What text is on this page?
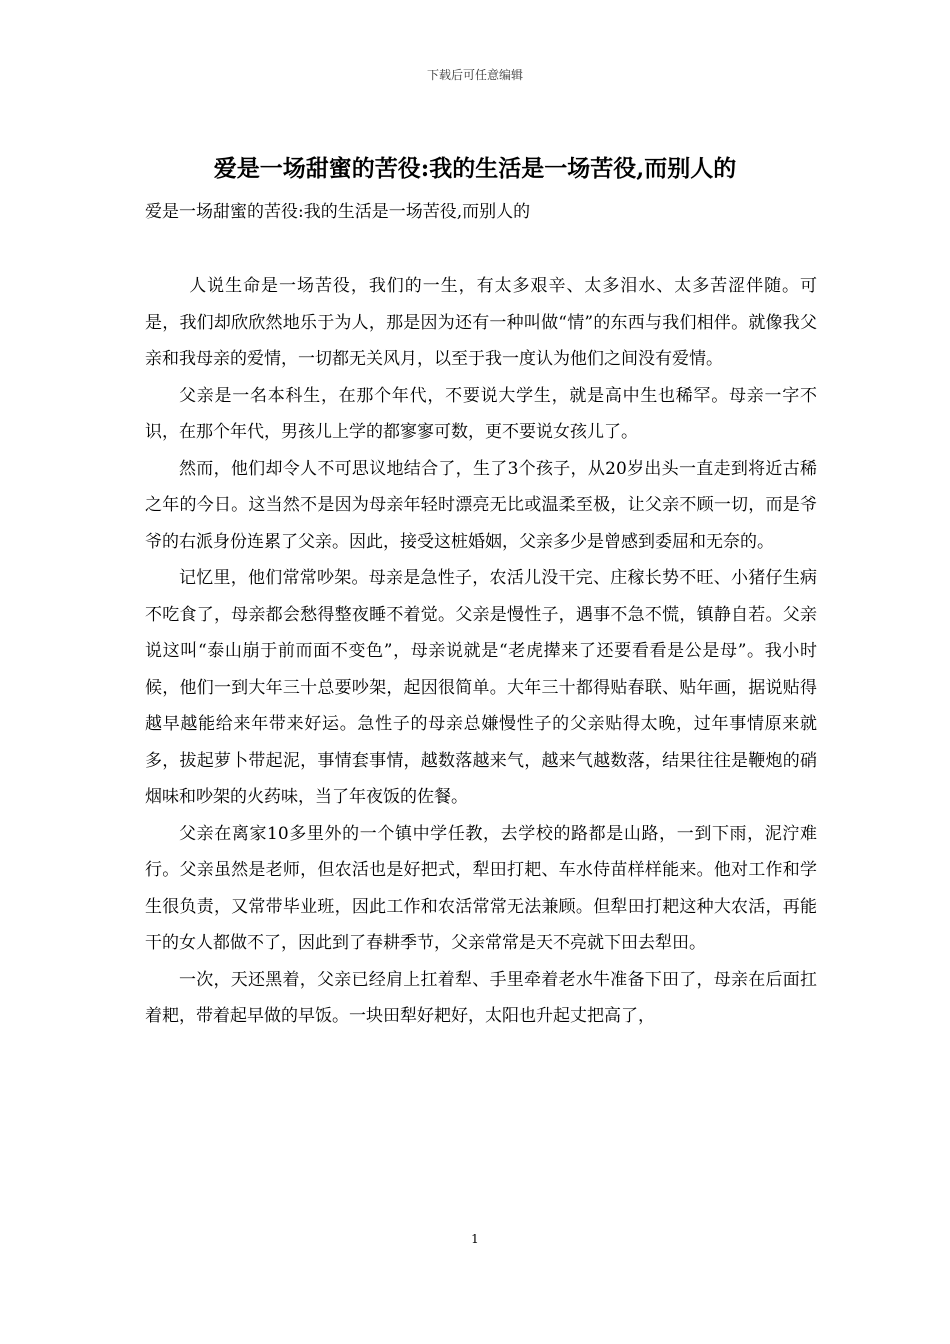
下载后可任意编辑
爱是一场甜蜜的苦役:我的生活是一场苦役,而别人的
爱是一场甜蜜的苦役:我的生活是一场苦役,而别人的

人说生命是一场苦役，我们的一生，有太多艰辛、太多泪水、太多苦涩伴随。可是，我们却欣欣然地乐于为人，那是因为还有一种叫做“情”的东西与我们相伴。就像我父亲和我母亲的爱情，一切都无关风月，以至于我一度认为他们之间没有爱情。

父亲是一名本科生，在那个年代，不要说大学生，就是高中生也稀罕。母亲一字不识，在那个年代，男孩儿上学的都寥寥可数，更不要说女孩儿了。

然而，他们却令人不可思议地结合了，生了3个孩子，从20岁出头一直走到将近古稀之年的今日。这当然不是因为母亲年轻时漂亮无比或温柔至极，让父亲不顾一切，而是爷爷的右派身份连累了父亲。因此，接受这桩婚姻，父亲多少是曾感到委屈和无奈的。

记忆里，他们常常吵架。母亲是急性子，农活儿没干完、庄稼长势不旺、小猪仔生病不吃食了，母亲都会愁得整夜睡不着觉。父亲是慢性子，遇事不急不慌，镇静自若。父亲说这叫“泰山崩于前而面不变色”，母亲说就是“老虎撵来了还要看看是公是母”。我小时候，他们一到大年三十总要吵架，起因很简单。大年三十都得贴春联、贴年画，据说贴得越早越能给来年带来好运。急性子的母亲总嫌慢性子的父亲贴得太晚，过年事情原来就多，拔起萝卜带起泥，事情套事情，越数落越来气，越来气越数落，结果往往是鞭炮的硝烟味和吵架的火药味，当了年夜饭的佐餐。

父亲在离家10多里外的一个镇中学任教，去学校的路都是山路，一到下雨，泥泞难行。父亲虽然是老师，但农活也是好把式，犁田打耙、车水侍苗样样能来。他对工作和学生很负责，又常带毕业班，因此工作和农活常常无法兼顾。但犁田打耙这种大农活，再能干的女人都做不了，因此到了春耕季节，父亲常常是天不亮就下田去犁田。

一次，天还黑着，父亲已经肩上扛着犁、手里牵着老水牛准备下田了，母亲在后面扛着耙，带着起早做的早饭。一块田犁好耙好，太阳也升起丈把高了，

1
